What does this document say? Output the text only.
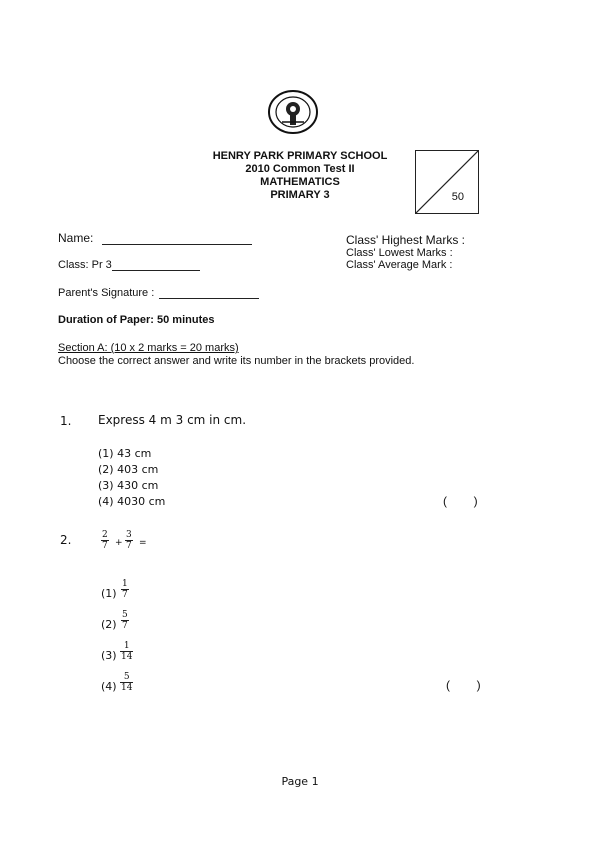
HENRY PARK PRIMARY SCHOOL
2010 Common Test II
MATHEMATICS
PRIMARY 3	50
Name:
Class: Pr 3
Parent's Signature :
Class' Highest Marks :
Class' Lowest Marks :
Class' Average Mark :
Duration of Paper: 50 minutes
Section A: (10 x 2 marks = 20 marks)
Choose the correct answer and write its number in the brackets provided.
1. Express 4 m 3 cm in cm.
(1) 43 cm
(2) 403 cm
(3) 430 cm
(4) 4030 cm	(        )
2.	$\frac{2}{7} + \frac{3}{7}$ =
$(1) \frac{1}{7}$
$(2) \frac{5}{7}$
$(3) \frac{1}{14}$
$(4) \frac{5}{14}$	(        )
Page 1
